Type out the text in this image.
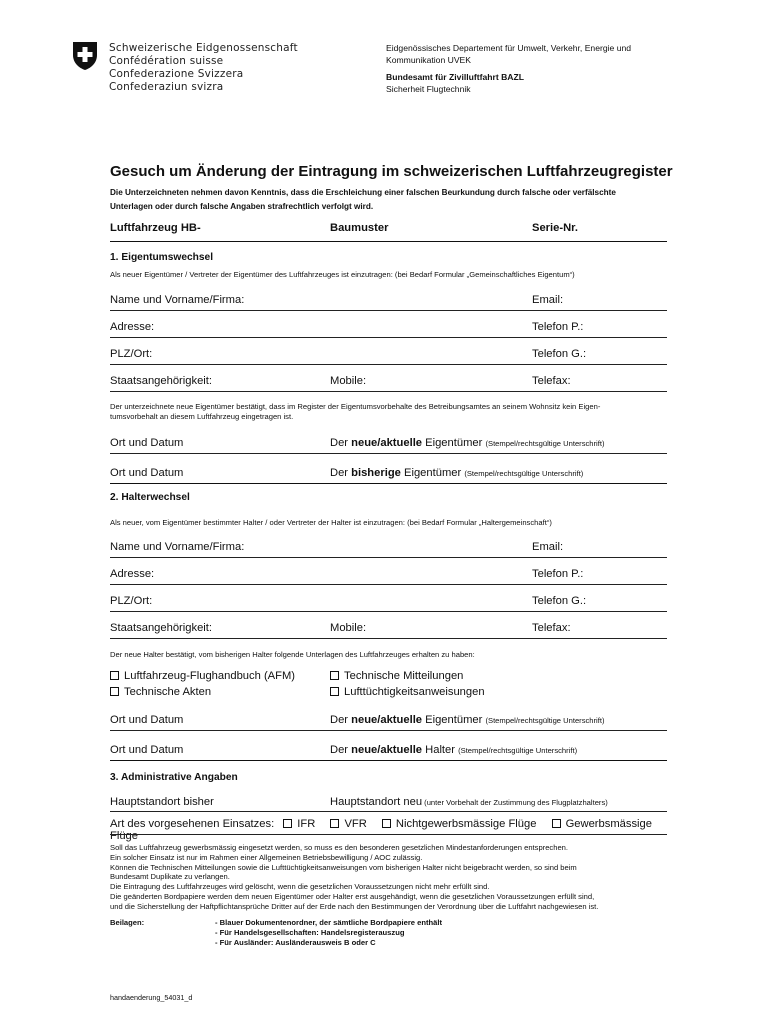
Schweizerische Eidgenossenschaft
Confédération suisse
Confederazione Svizzera
Confederaziun svizra
Eidgenössisches Departement für Umwelt, Verkehr, Energie und
Kommunikation UVEK
Bundesamt für Zivilluftfahrt BAZL
Sicherheit Flugtechnik
Gesuch um Änderung der Eintragung im schweizerischen Luftfahrzeugregister
Die Unterzeichneten nehmen davon Kenntnis, dass die Erschleichung einer falschen Beurkundung durch falsche oder verfälschte
Unterlagen oder durch falsche Angaben strafrechtlich verfolgt wird.
Luftfahrzeug HB-	Baumuster	Serie-Nr.
1. Eigentumswechsel
Als neuer Eigentümer / Vertreter der Eigentümer des Luftfahrzeuges ist einzutragen: (bei Bedarf Formular „Gemeinschaftliches Eigentum“)
Name und Vorname/Firma:	Email:
Adresse:	Telefon P.:
PLZ/Ort:	Telefon G.:
Staatsangehörigkeit:	Mobile:	Telefax:
Der unterzeichnete neue Eigentümer bestätigt, dass im Register der Eigentumsvorbehalte des Betreibungsamtes an seinem Wohnsitz kein Eigen-
tumsvorbehalt an diesem Luftfahrzeug eingetragen ist.
Ort und Datum	Der neue/aktuelle Eigentümer (Stempel/rechtsgültige Unterschrift)
Ort und Datum	Der bisherige Eigentümer (Stempel/rechtsgültige Unterschrift)
2. Halterwechsel
Als neuer, vom Eigentümer bestimmter Halter / oder Vertreter der Halter ist einzutragen: (bei Bedarf Formular „Haltergemeinschaft“)
Name und Vorname/Firma:	Email:
Adresse:	Telefon P.:
PLZ/Ort:	Telefon G.:
Staatsangehörigkeit:	Mobile:	Telefax:
Der neue Halter bestätigt, vom bisherigen Halter folgende Unterlagen des Luftfahrzeuges erhalten zu haben:
Luftfahrzeug-Flughandbuch (AFM)	Technische Mitteilungen
Technische Akten	Lufttüchtigkeitsanweisungen
Ort und Datum	Der neue/aktuelle Eigentümer (Stempel/rechtsgültige Unterschrift)
Ort und Datum	Der neue/aktuelle Halter (Stempel/rechtsgültige Unterschrift)
3. Administrative Angaben
Hauptstandort bisher	Hauptstandort neu (unter Vorbehalt der Zustimmung des Flugplatzhalters)
Art des vorgesehenen Einsatzes: IFR	VFR	Nichtgewerbsmässige Flüge	Gewerbsmässige Flüge
Soll das Luftfahrzeug gewerbsmässig eingesetzt werden, so muss es den besonderen gesetzlichen Mindestanforderungen entsprechen.
Ein solcher Einsatz ist nur im Rahmen einer Allgemeinen Betriebsbewilligung / AOC zulässig.
Können die Technischen Mitteilungen sowie die Lufttüchtigkeitsanweisungen vom bisherigen Halter nicht beigebracht werden, so sind beim
Bundesamt Duplikate zu verlangen.
Die Eintragung des Luftfahrzeuges wird gelöscht, wenn die gesetzlichen Voraussetzungen nicht mehr erfüllt sind.
Die geänderten Bordpapiere werden dem neuen Eigentümer oder Halter erst ausgehändigt, wenn die gesetzlichen Voraussetzungen erfüllt sind,
und die Sicherstellung der Haftpflichtansprüche Dritter auf der Erde nach den Bestimmungen der Verordnung über die Luftfahrt nachgewiesen ist.
Beilagen:	- Blauer Dokumentenordner, der sämtliche Bordpapiere enthält
- Für Handelsgesellschaften: Handelsregisterauszug
- Für Ausländer: Ausländerausweis B oder C
handaenderung_54031_d
